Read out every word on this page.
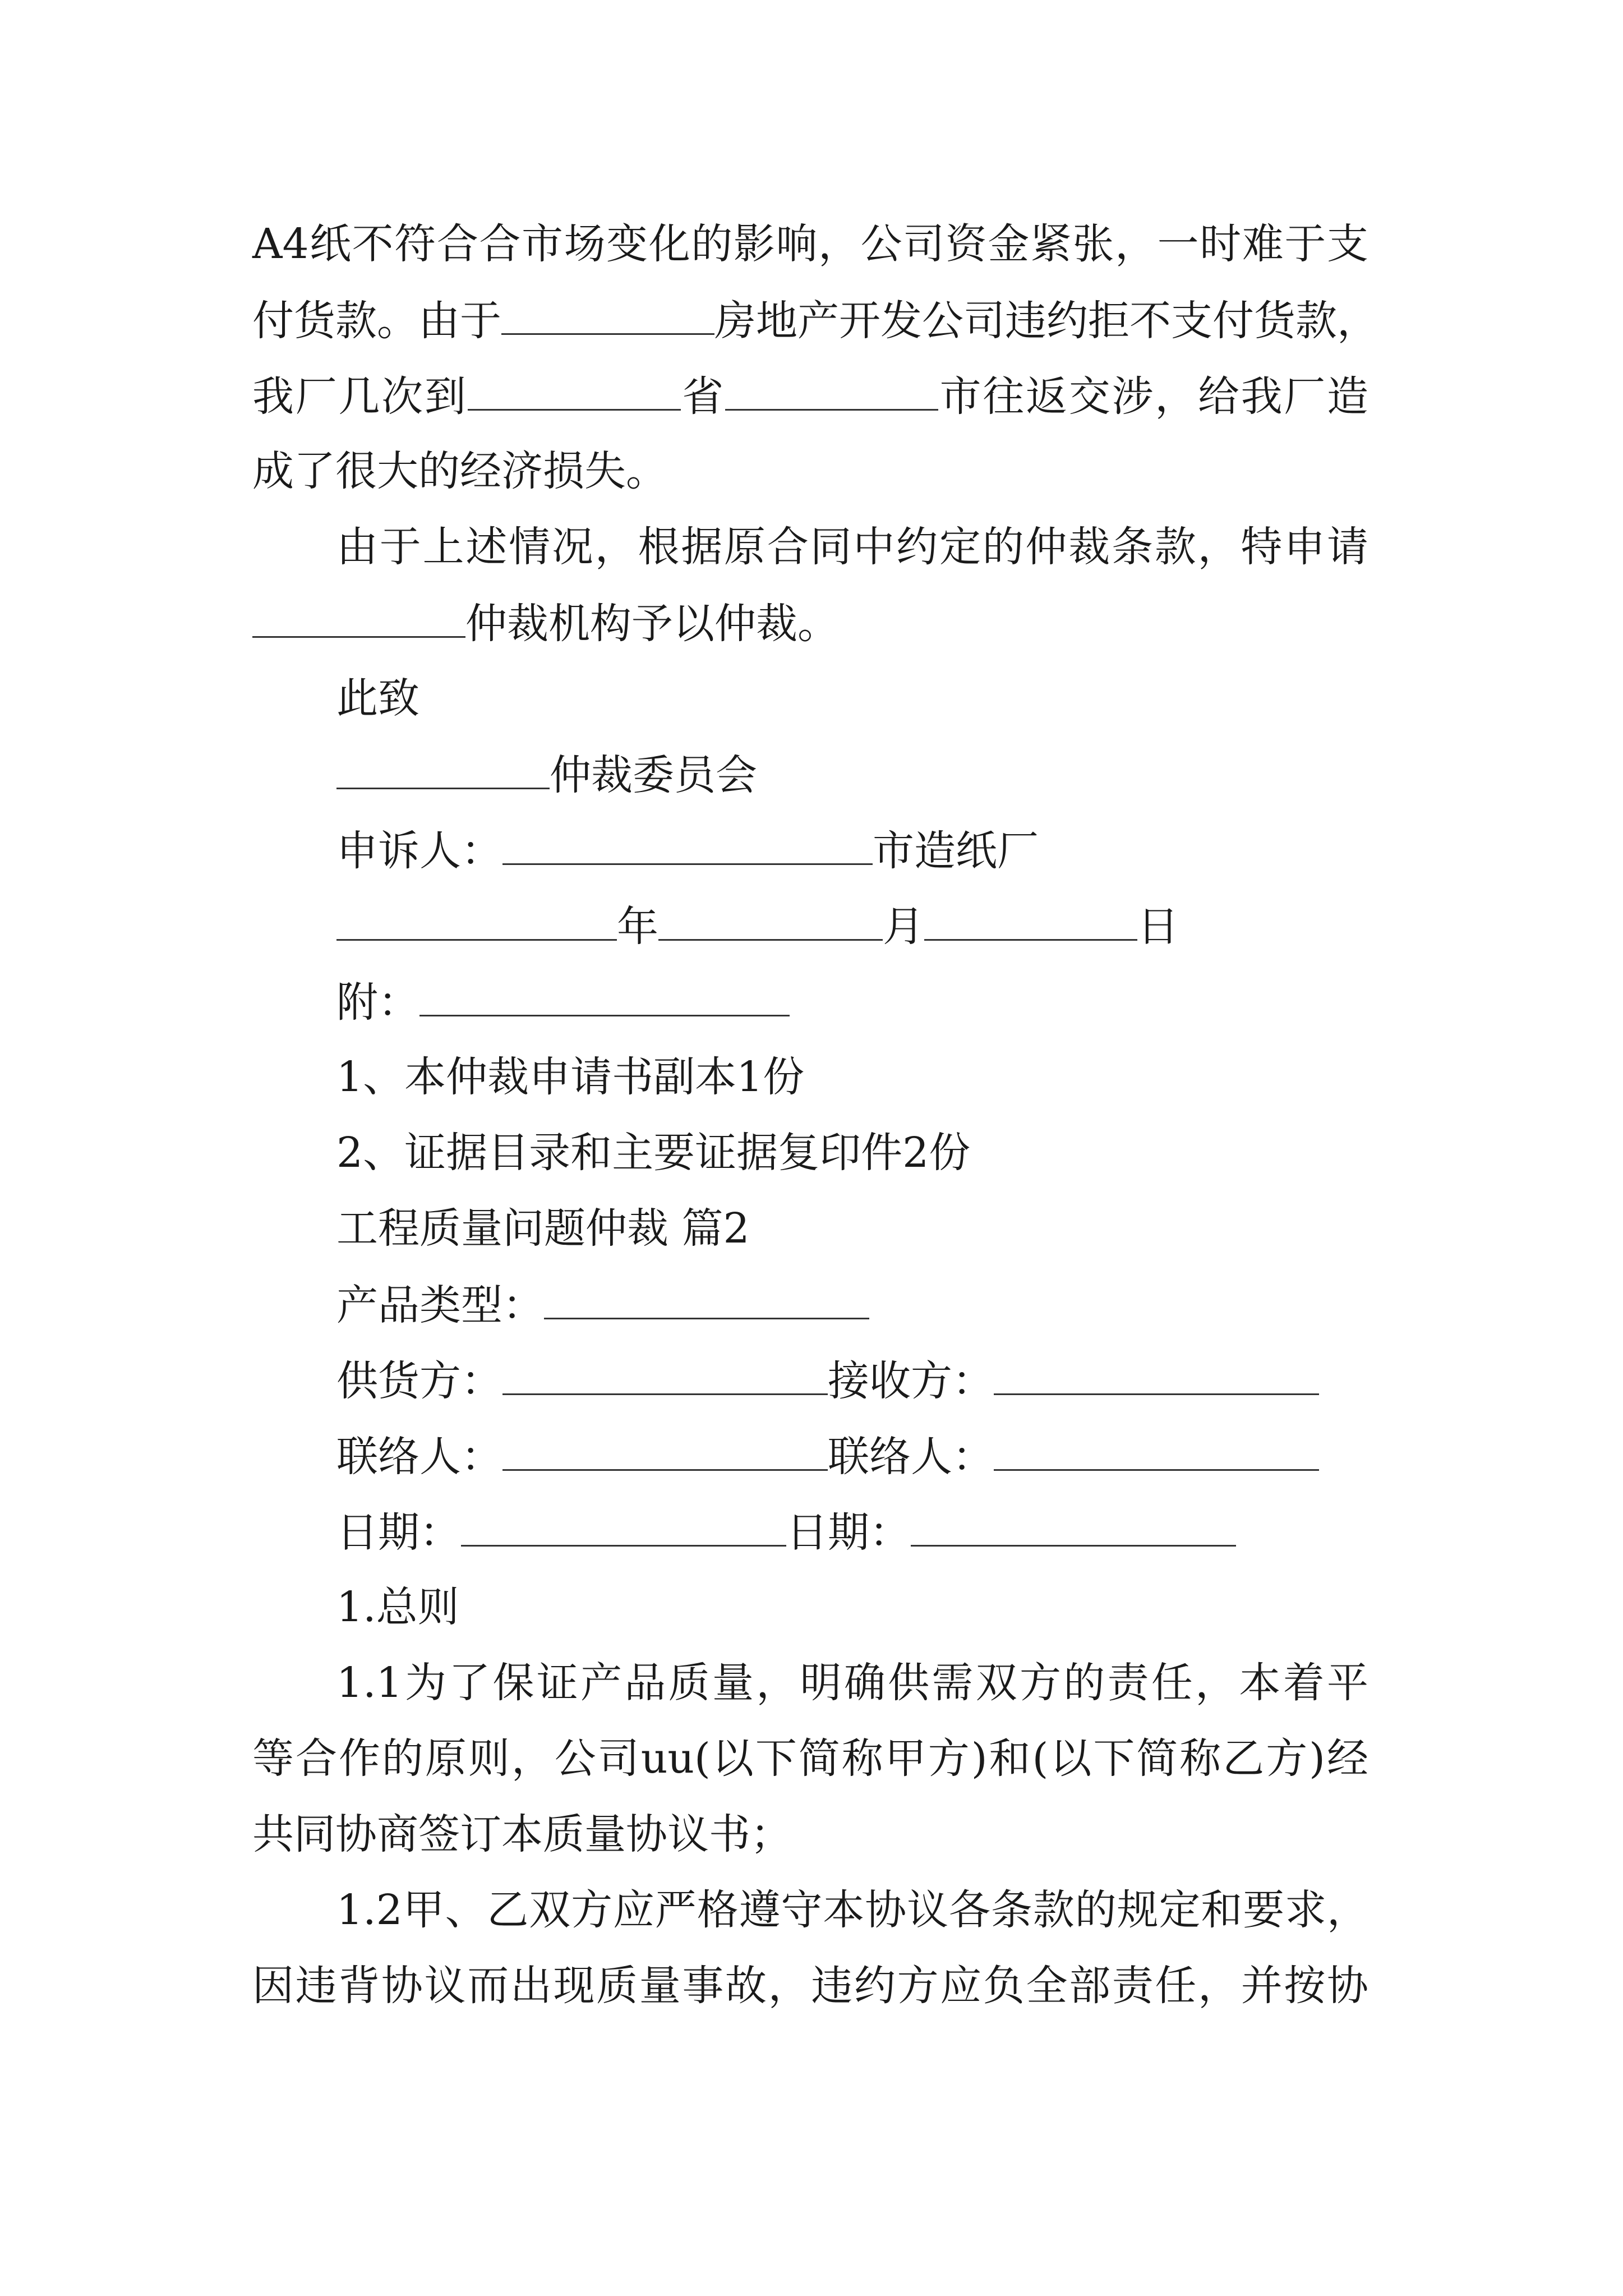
A4纸不符合合市场变化的影响，公司资金紧张，一时难于支
付货款。由于	房地产开发公司违约拒不支付货款，
我厂几次到	省	市往返交涉，给我厂造
成了很大的经济损失。
由于上述情况，根据原合同中约定的仲裁条款，特申请
仲裁机构予以仲裁。
此致
仲裁委员会
申诉人：	市造纸厂
年	月	日
附：
1、本仲裁申请书副本1份
2、证据目录和主要证据复印件2份
工程质量问题仲裁 篇2
产品类型：
供货方：	接收方：
联络人：	联络人：
日期：	日期：
1.总则
1.1为了保证产品质量，明确供需双方的责任，本着平
等合作的原则，公司uu(以下简称甲方)和(以下简称乙方)经
共同协商签订本质量协议书；
1.2甲、乙双方应严格遵守本协议各条款的规定和要求，
因违背协议而出现质量事故，违约方应负全部责任，并按协
